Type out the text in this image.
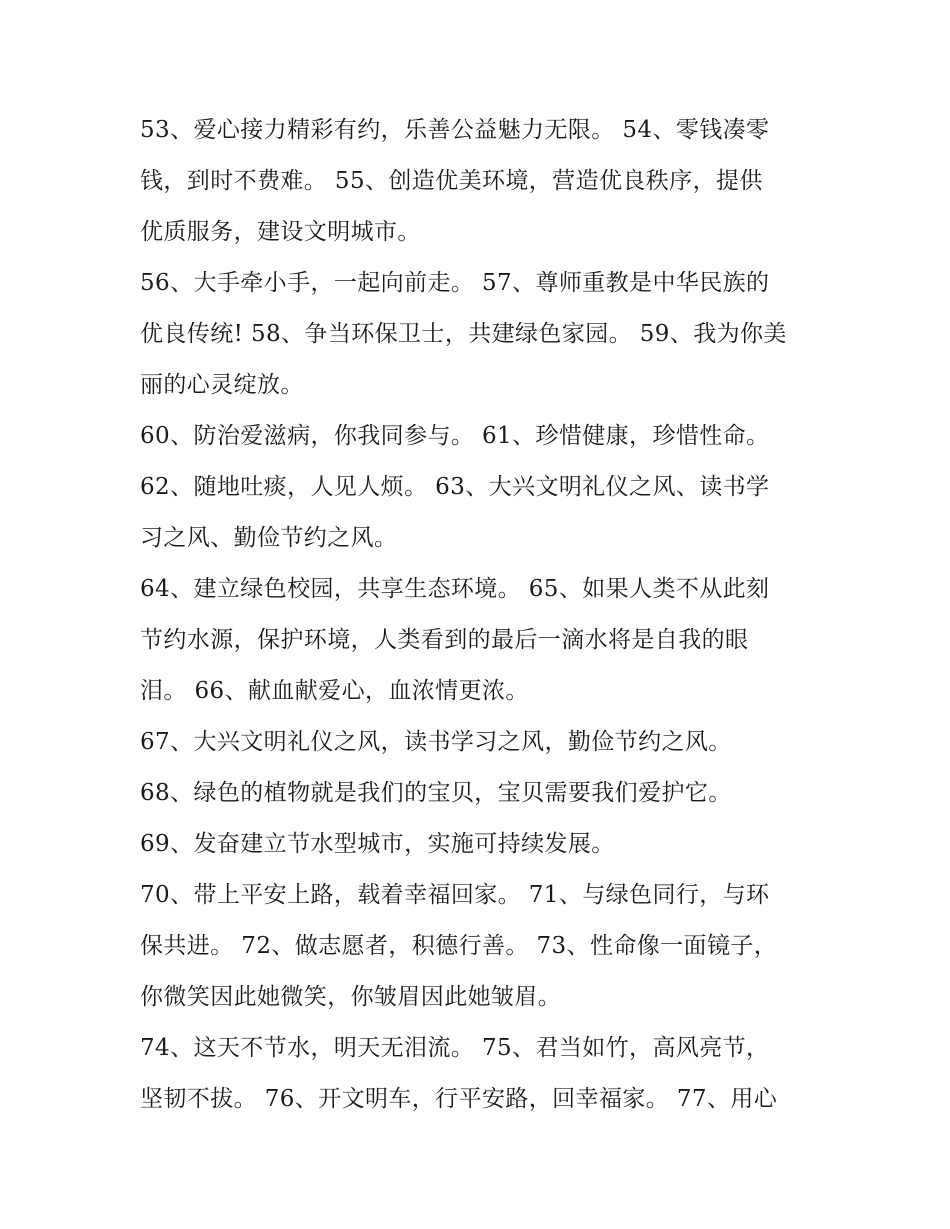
53、爱心接力精彩有约，乐善公益魅力无限。 54、零钱凑零
钱，到时不费难。 55、创造优美环境，营造优良秩序，提供
优质服务，建设文明城市。
56、大手牵小手，一起向前走。 57、尊师重教是中华民族的
优良传统! 58、争当环保卫士，共建绿色家园。 59、我为你美
丽的心灵绽放。
60、防治爱滋病，你我同参与。 61、珍惜健康，珍惜性命。
62、随地吐痰，人见人烦。 63、大兴文明礼仪之风、读书学
习之风、勤俭节约之风。
64、建立绿色校园，共享生态环境。 65、如果人类不从此刻
节约水源，保护环境，人类看到的最后一滴水将是自我的眼
泪。 66、献血献爱心，血浓情更浓。
67、大兴文明礼仪之风，读书学习之风，勤俭节约之风。
68、绿色的植物就是我们的宝贝，宝贝需要我们爱护它。
69、发奋建立节水型城市，实施可持续发展。
70、带上平安上路，载着幸福回家。 71、与绿色同行，与环
保共进。 72、做志愿者，积德行善。 73、性命像一面镜子，
你微笑因此她微笑，你皱眉因此她皱眉。
74、这天不节水，明天无泪流。 75、君当如竹，高风亮节，
坚韧不拔。 76、开文明车，行平安路，回幸福家。 77、用心
